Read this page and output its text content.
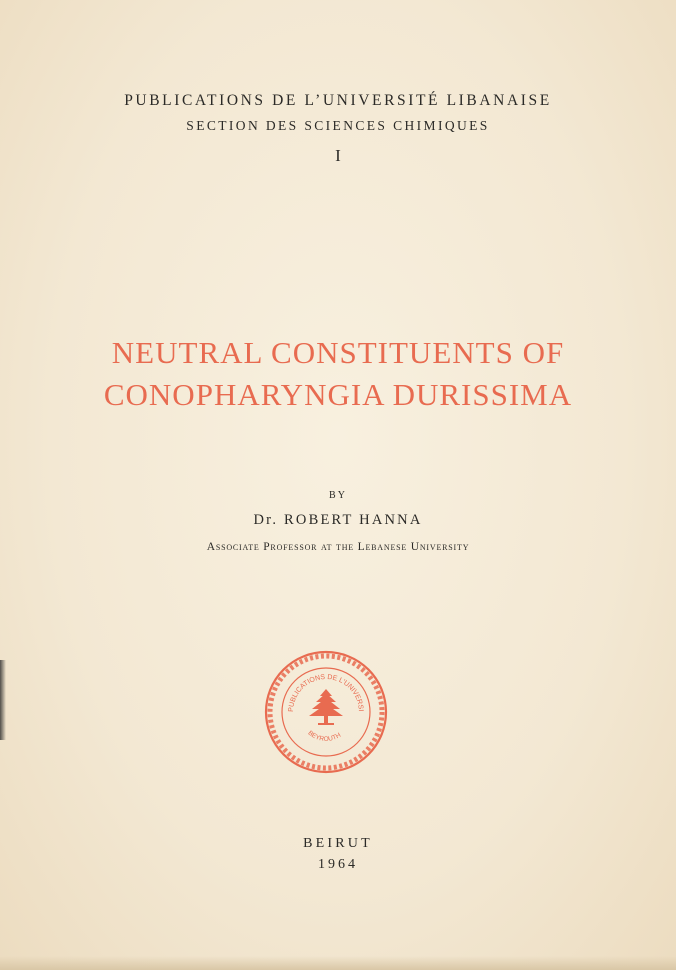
PUBLICATIONS DE L’UNIVERSITÉ LIBANAISE
SECTION DES SCIENCES CHIMIQUES
I
NEUTRAL CONSTITUENTS OF
CONOPHARYNGIA DURISSIMA
BY
Dr. ROBERT HANNA
Associate Professor at the Lebanese University
PUBLICATIONS DE L'UNIVERSI
BEYROUTH
BEIRUT
1964
